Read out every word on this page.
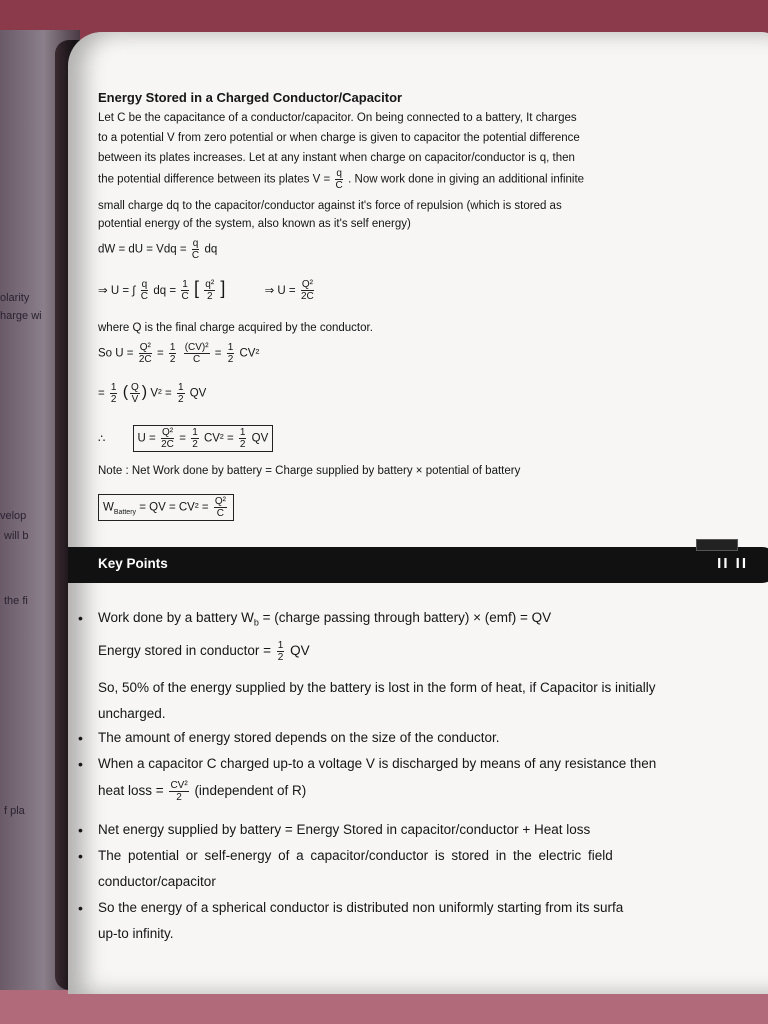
olarity
harge wi
velop
will b
the fi
f pla
Energy Stored in a Charged Conductor/Capacitor
Let C be the capacitance of a conductor/capacitor. On being connected to a battery, It charges
to a potential V from zero potential or when charge is given to capacitor the potential difference
between its plates increases. Let at any instant when charge on capacitor/conductor is q, then
the potential difference between its plates $V = \frac{q}{C}$ . Now work done in giving an additional infinite
small charge dq to the capacitor/conductor against it's force of repulsion (which is stored as
potential energy of the system, also known as it's self energy)
dW = dU = Vdq = $\frac{q}{C}$ dq
⇒ U = ∫ $\frac{q}{C}$ dq = $\frac{1}{C}$ [ $\frac{\text{q²}}{2}$ ]	⇒ $U = \frac{\text{Q²}}{2C}$
where Q is the final charge acquired by the conductor.
So $U = \frac{\text{Q²}}{2C} = \frac{1}{2}$
$\frac{\text{(CV)²}}{C} = \frac{1}{2} CV^2$
= $\frac{1}{2}$ ( $\frac{Q}{V}$ ) $V^2 = \frac{1}{2}$ QV
∴	$U = \frac{\text{Q²}}{2C} = \frac{1}{2} CV^2 = \frac{1}{2}$ QV
Note : Net Work done by battery = Charge supplied by battery × potential of battery
$W_{Battery}$ = QV = $CV^2 = \frac{\text{Q²}}{C}$
Key Points	II II
• Work done by a battery $W_b$ = (charge passing through battery) × (emf) = QV
Energy stored in conductor = $\frac{1}{2}$ QV
So, 50% of the energy supplied by the battery is lost in the form of heat, if Capacitor is initially
uncharged.
• The amount of energy stored depends on the size of the conductor.
• When a capacitor C charged up-to a voltage V is discharged by means of any resistance then
heat loss = $\frac{\text{CV²}}{2}$ (independent of R)
• Net energy supplied by battery = Energy Stored in capacitor/conductor + Heat loss
• The potential or self-energy of a capacitor/conductor is stored in the electric field
conductor/capacitor
• So the energy of a spherical conductor is distributed non uniformly starting from its surfa
up-to infinity.
